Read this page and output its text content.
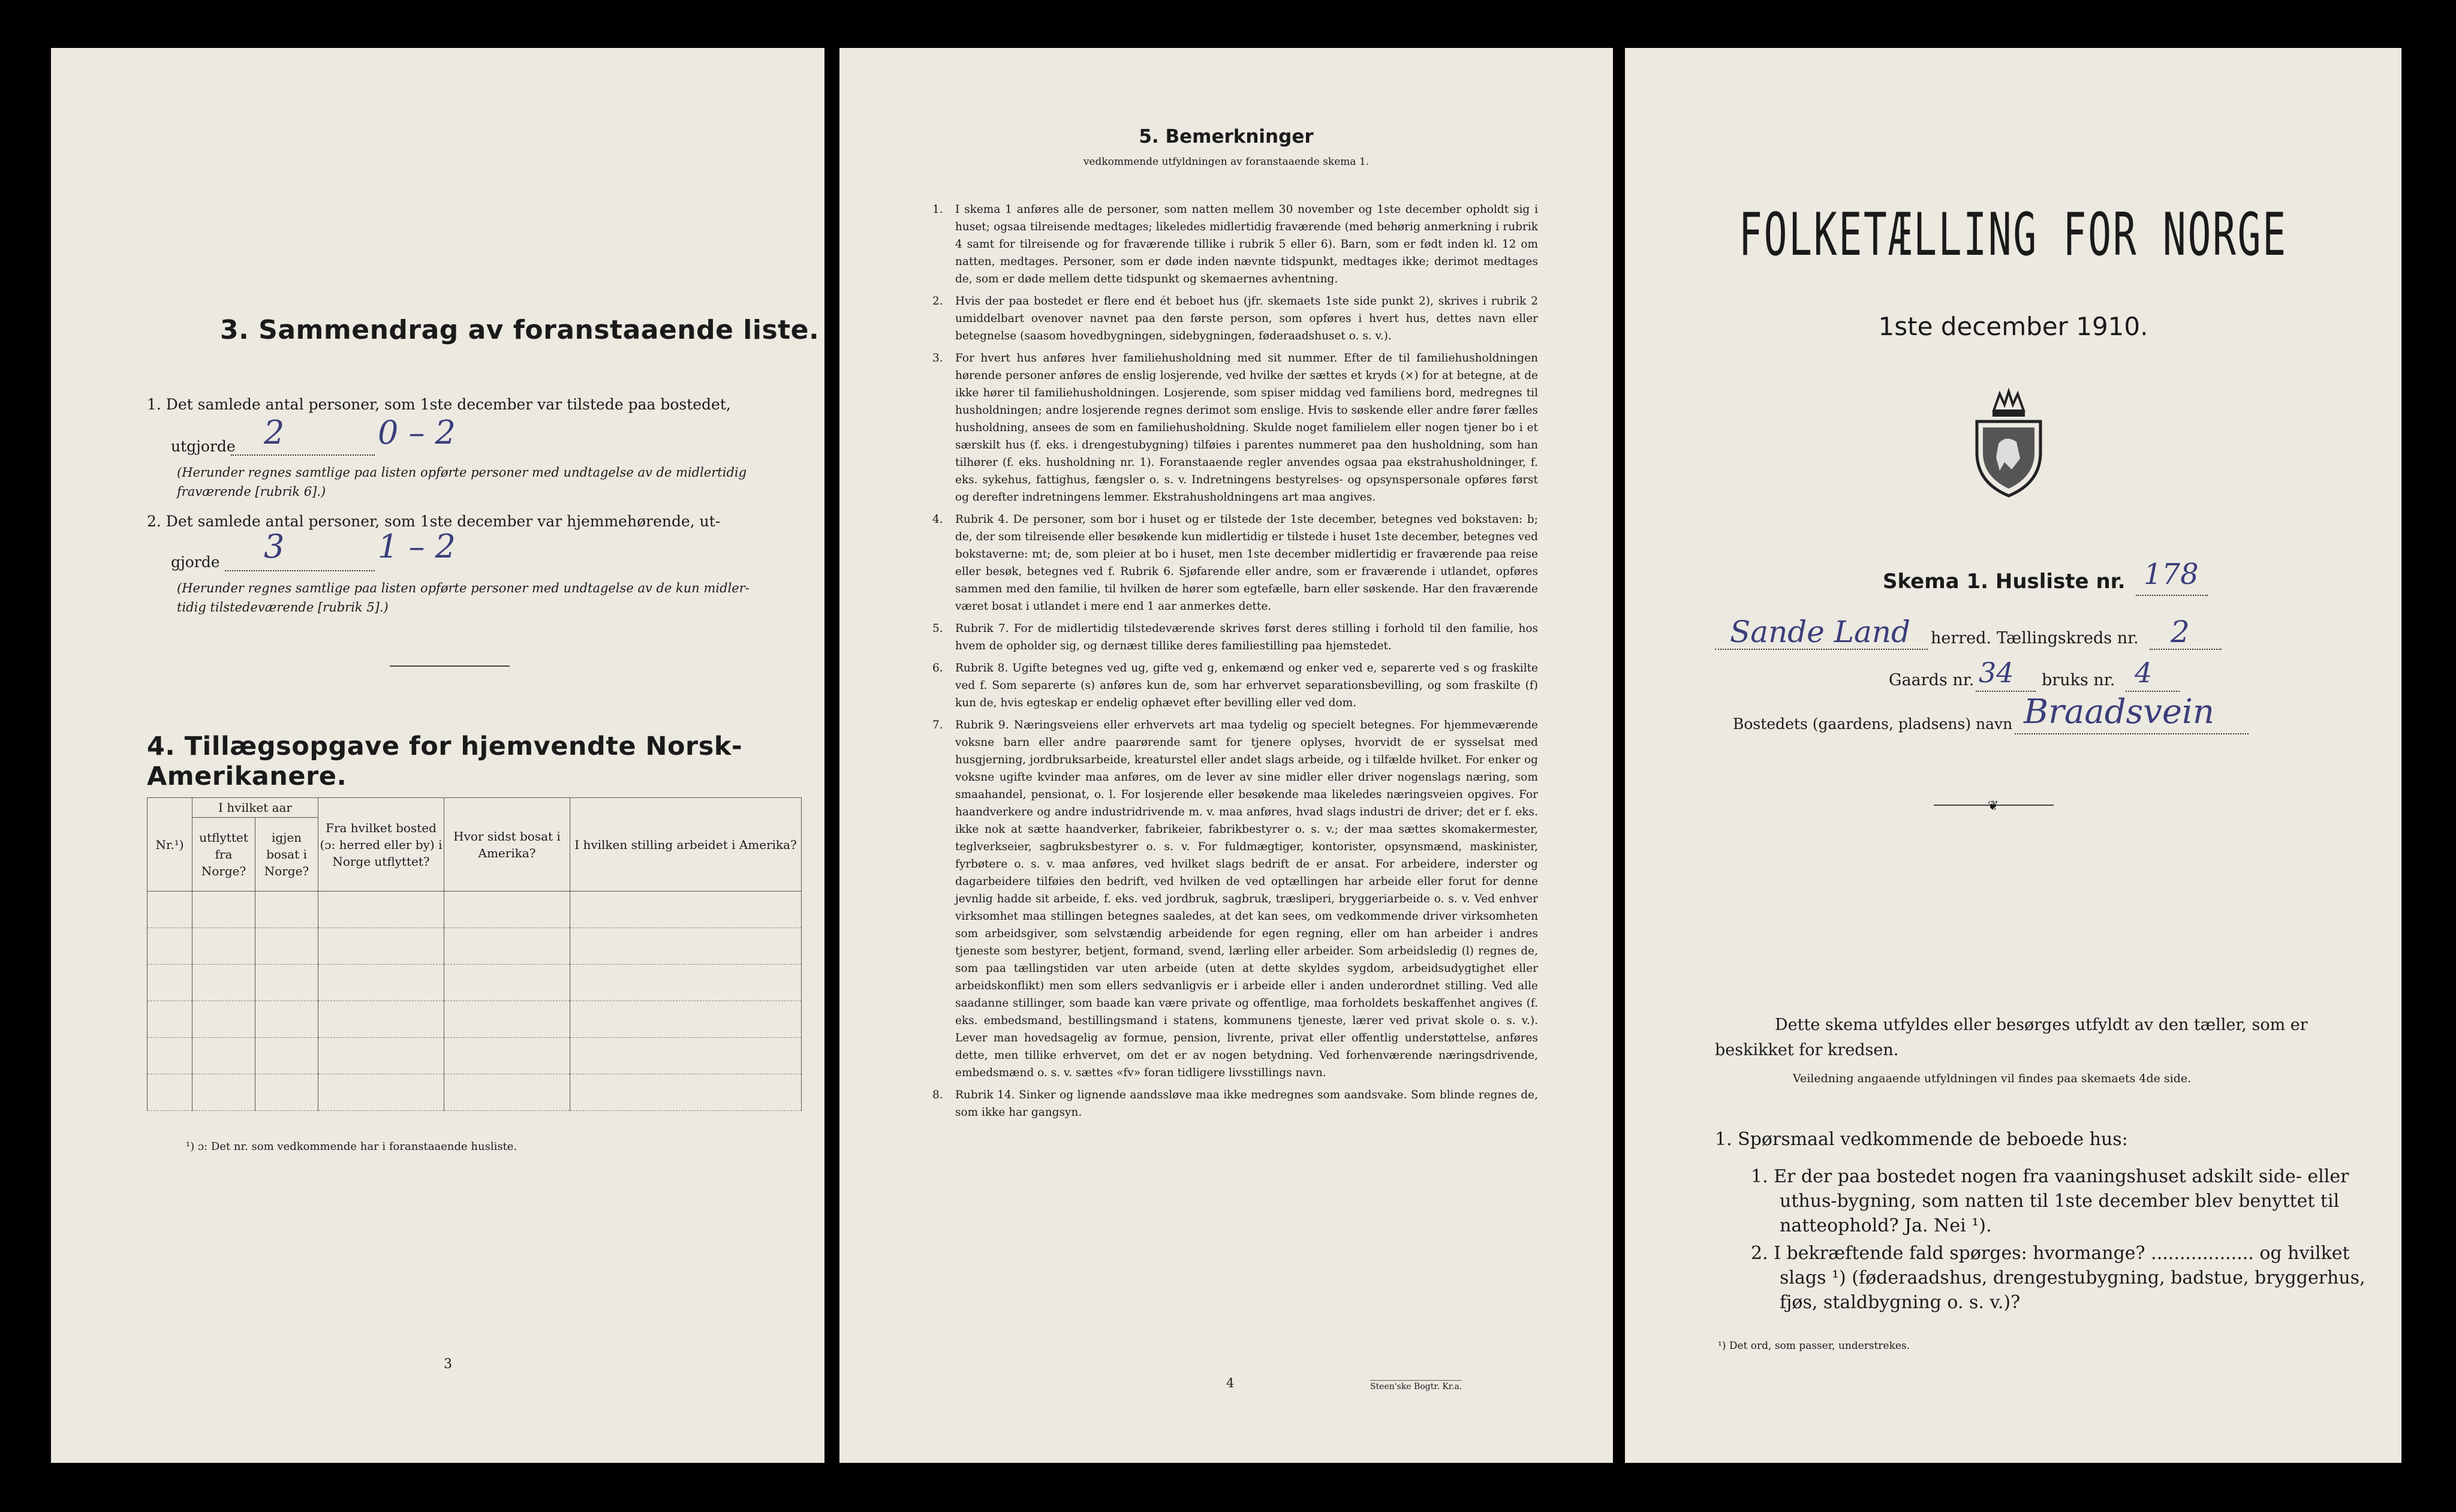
3. Sammendrag av foranstaaende liste.
1. Det samlede antal personer, som 1ste december var tilstede paa bostedet,
utgjorde 2	0 – 2
(Herunder regnes samtlige paa listen opførte personer med undtagelse av de midlertidig
fraværende [rubrik 6].)
2. Det samlede antal personer, som 1ste december var hjemmehørende, ut-
gjorde 3	1 – 2
(Herunder regnes samtlige paa listen opførte personer med undtagelse av de kun midler-
tidig tilstedeværende [rubrik 5].)
4. Tillægsopgave for hjemvendte Norsk-Amerikanere.
Nr.¹)	I hvilket aar		Fra hvilket bosted (ɔ: herred eller by) i Norge utflyttet?	Hvor sidst bosat i Amerika?	I hvilken stilling arbeidet i Amerika?
	utflyttet fra Norge?	igjen bosat i Norge?			

¹) ɔ: Det nr. som vedkommende har i foranstaaende husliste.
3
5. Bemerkninger
vedkommende utfyldningen av foranstaaende skema 1.
1. I skema 1 anføres alle de personer, som natten mellem 30 november og 1ste december opholdt sig i huset; ogsaa tilreisende medtages; likeledes midlertidig fraværende (med behørig anmerkning i rubrik 4 samt for tilreisende og for fraværende tillike i rubrik 5 eller 6). Barn, som er født inden kl. 12 om natten, medtages. Personer, som er døde inden nævnte tidspunkt, medtages ikke; derimot medtages de, som er døde mellem dette tidspunkt og skemaernes avhentning.

2. Hvis der paa bostedet er flere end ét beboet hus (jfr. skemaets 1ste side punkt 2), skrives i rubrik 2 umiddelbart ovenover navnet paa den første person, som opføres i hvert hus, dettes navn eller betegnelse (saasom hovedbygningen, sidebygningen, føderaadshuset o. s. v.).

3. For hvert hus anføres hver familiehusholdning med sit nummer. Efter de til familiehusholdningen hørende personer anføres de enslig losjerende, ved hvilke der sættes et kryds (×) for at betegne, at de ikke hører til familiehusholdningen. Losjerende, som spiser middag ved familiens bord, medregnes til husholdningen; andre losjerende regnes derimot som enslige. Hvis to søskende eller andre fører fælles husholdning, ansees de som en familiehusholdning. Skulde noget familielem eller nogen tjener bo i et særskilt hus (f. eks. i drengestubygning) tilføies i parentes nummeret paa den husholdning, som han tilhører (f. eks. husholdning nr. 1). Foranstaaende regler anvendes ogsaa paa ekstrahusholdninger, f. eks. sykehus, fattighus, fængsler o. s. v. Indretningens bestyrelses- og opsynspersonale opføres først og derefter indretningens lemmer. Ekstrahusholdningens art maa angives.

4. Rubrik 4. De personer, som bor i huset og er tilstede der 1ste december, betegnes ved bokstaven: b; de, der som tilreisende eller besøkende kun midlertidig er tilstede i huset 1ste december, betegnes ved bokstaverne: mt; de, som pleier at bo i huset, men 1ste december midlertidig er fraværende paa reise eller besøk, betegnes ved f. Rubrik 6. Sjøfarende eller andre, som er fraværende i utlandet, opføres sammen med den familie, til hvilken de hører som egtefælle, barn eller søskende. Har den fraværende været bosat i utlandet i mere end 1 aar anmerkes dette.

5. Rubrik 7. For de midlertidig tilstedeværende skrives først deres stilling i forhold til den familie, hos hvem de opholder sig, og dernæst tillike deres familiestilling paa hjemstedet.

6. Rubrik 8. Ugifte betegnes ved ug, gifte ved g, enkemænd og enker ved e, separerte ved s og fraskilte ved f. Som separerte (s) anføres kun de, som har erhvervet separationsbevilling, og som fraskilte (f) kun de, hvis egteskap er endelig ophævet efter bevilling eller ved dom.

7. Rubrik 9. Næringsveiens eller erhvervets art maa tydelig og specielt betegnes. For hjemmeværende voksne barn eller andre paarørende samt for tjenere oplyses, hvorvidt de er sysselsat med husgjerning, jordbruksarbeide, kreaturstel eller andet slags arbeide, og i tilfælde hvilket. For enker og voksne ugifte kvinder maa anføres, om de lever av sine midler eller driver nogenslags næring, som smaahandel, pensionat, o. l. For losjerende eller besøkende maa likeledes næringsveien opgives. For haandverkere og andre industridrivende m. v. maa anføres, hvad slags industri de driver; det er f. eks. ikke nok at sætte haandverker, fabrikeier, fabrikbestyrer o. s. v.; der maa sættes skomakermester, teglverkseier, sagbruksbestyrer o. s. v. For fuldmægtiger, kontorister, opsynsmænd, maskinister, fyrbøtere o. s. v. maa anføres, ved hvilket slags bedrift de er ansat. For arbeidere, inderster og dagarbeidere tilføies den bedrift, ved hvilken de ved optællingen har arbeide eller forut for denne jevnlig hadde sit arbeide, f. eks. ved jordbruk, sagbruk, træsliperi, bryggeriarbeide o. s. v. Ved enhver virksomhet maa stillingen betegnes saaledes, at det kan sees, om vedkommende driver virksomheten som arbeidsgiver, som selvstændig arbeidende for egen regning, eller om han arbeider i andres tjeneste som bestyrer, betjent, formand, svend, lærling eller arbeider. Som arbeidsledig (l) regnes de, som paa tællingstiden var uten arbeide (uten at dette skyldes sygdom, arbeidsudygtighet eller arbeidskonflikt) men som ellers sedvanligvis er i arbeide eller i anden underordnet stilling. Ved alle saadanne stillinger, som baade kan være private og offentlige, maa forholdets beskaffenhet angives (f. eks. embedsmand, bestillingsmand i statens, kommunens tjeneste, lærer ved privat skole o. s. v.). Lever man hovedsagelig av formue, pension, livrente, privat eller offentlig understøttelse, anføres dette, men tillike erhvervet, om det er av nogen betydning. Ved forhenværende næringsdrivende, embedsmænd o. s. v. sættes «fv» foran tidligere livsstillings navn.

8. Rubrik 14. Sinker og lignende aandssløve maa ikke medregnes som aandsvake. Som blinde regnes de, som ikke har gangsyn.

4	Steen'ske Bogtr. Kr.a.
FOLKETÆLLING FOR NORGE
1ste december 1910.
Skema 1. Husliste nr. 178
Sande Land herred. Tællingskreds nr. 2
Gaards nr. 34 bruks nr. 4
Bostedets (gaardens, pladsens) navn Braadsvein
❦
Dette skema utfyldes eller besørges utfyldt av den tæller, som er
beskikket for kredsen.
Veiledning angaaende utfyldningen vil findes paa skemaets 4de side.
1. Spørsmaal vedkommende de beboede hus:
1. Er der paa bostedet nogen fra vaaningshuset adskilt side- eller uthus-bygning, som natten til 1ste december blev benyttet til natteophold? Ja. Nei ¹).
2. I bekræftende fald spørges: hvormange? .................. og hvilket slags ¹) (føderaadshus, drengestubygning, badstue, bryggerhus, fjøs, staldbygning o. s. v.)?
¹) Det ord, som passer, understrekes.
